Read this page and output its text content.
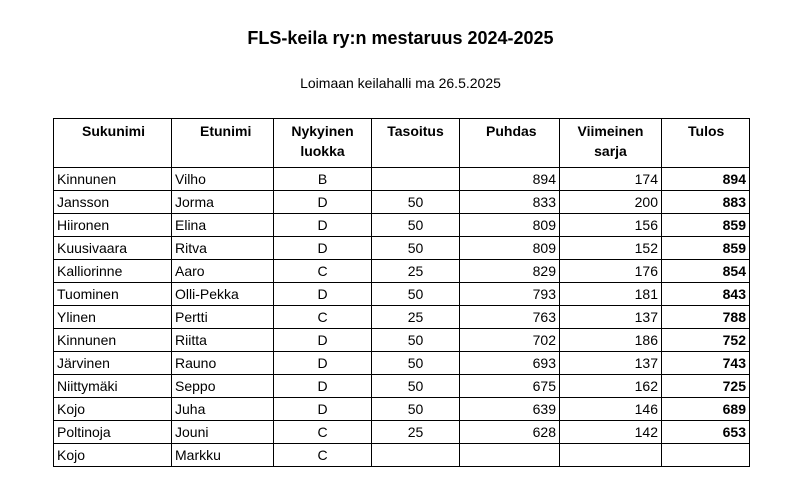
FLS-keila ry:n mestaruus 2024-2025
Loimaan keilahalli ma 26.5.2025
Sukunimi	Etunimi	Nykyinen luokka	Tasoitus	Puhdas	Viimeinen sarja	Tulos
Kinnunen	Vilho	B		894	174	894
Jansson	Jorma	D	50	833	200	883
Hiironen	Elina	D	50	809	156	859
Kuusivaara	Ritva	D	50	809	152	859
Kalliorinne	Aaro	C	25	829	176	854
Tuominen	Olli-Pekka	D	50	793	181	843
Ylinen	Pertti	C	25	763	137	788
Kinnunen	Riitta	D	50	702	186	752
Järvinen	Rauno	D	50	693	137	743
Niittymäki	Seppo	D	50	675	162	725
Kojo	Juha	D	50	639	146	689
Poltinoja	Jouni	C	25	628	142	653
Kojo	Markku	C				
